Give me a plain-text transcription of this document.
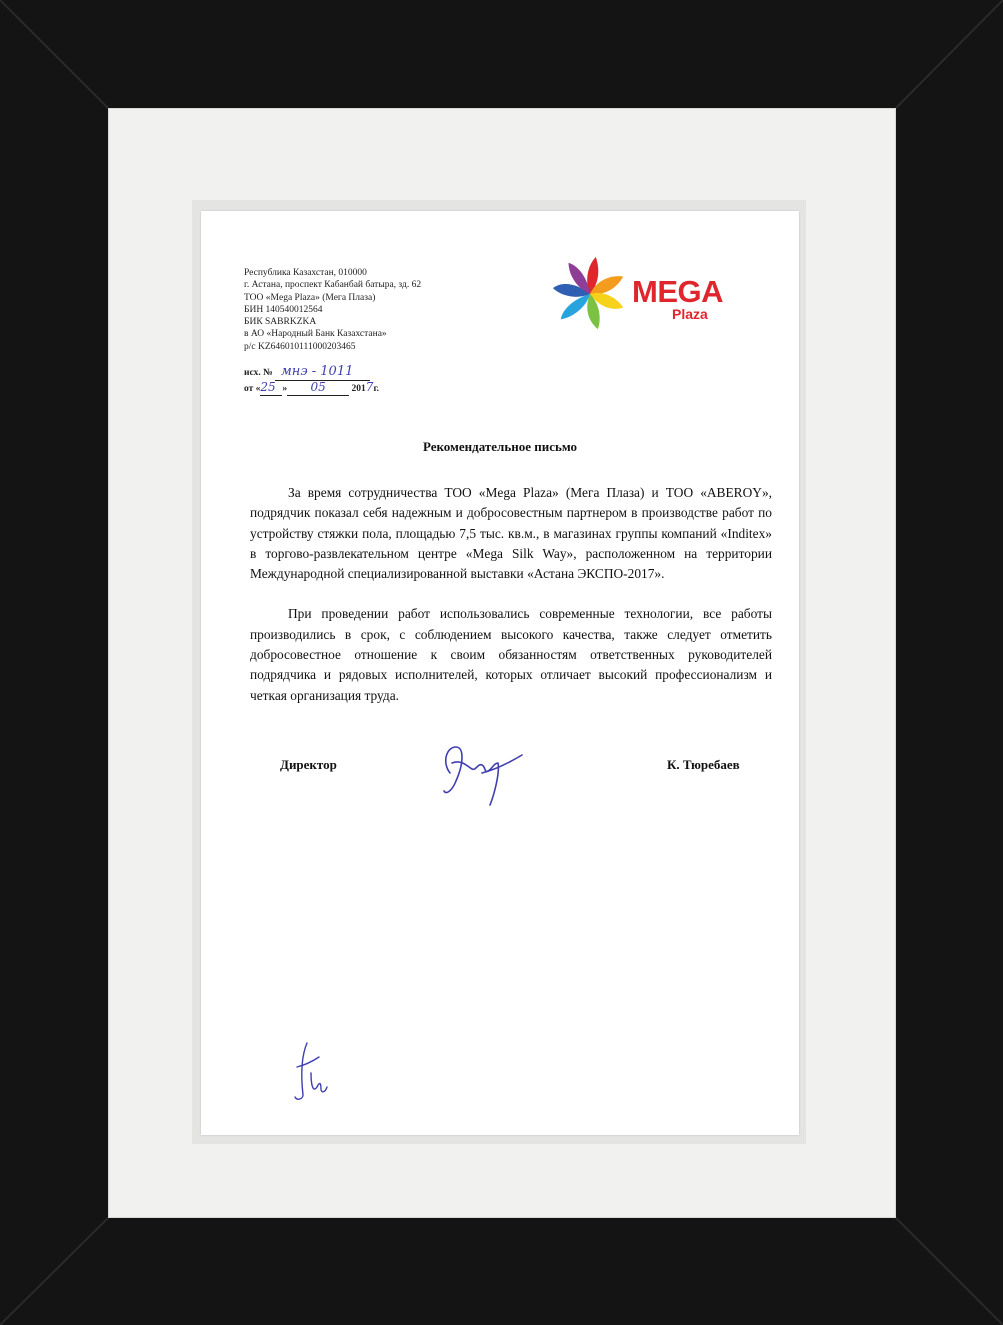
Республика Казахстан, 010000
г. Астана, проспект Кабанбай батыра, зд. 62
ТОО «Mega Plaza» (Мега Плаза)
БИН 140540012564
БИК SABRKZKA
в АО «Народный Банк Казахстана»
р/с KZ646010111000203465
исх. № мнэ - 1011
от «25 » 05	2017г.
MEGA
Plaza
Рекомендательное письмо

За время сотрудничества ТОО «Mega Plaza» (Мега Плаза) и ТОО «ABEROY», подрядчик показал себя надежным и добросовестным партнером в производстве работ по устройству стяжки пола, площадью 7,5 тыс. кв.м., в магазинах группы компаний «Inditex» в торгово-развлекательном центре «Mega Silk Way», расположенном на территории Международной специализированной выставки «Астана ЭКСПО-2017».

При проведении работ использовались современные технологии, все работы производились в срок, с соблюдением высокого качества, также следует отметить добросовестное отношение к своим обязанностям ответственных руководителей подрядчика и рядовых исполнителей, которых отличает высокий профессионализм и четкая организация труда.

Директор	К. Тюребаев
